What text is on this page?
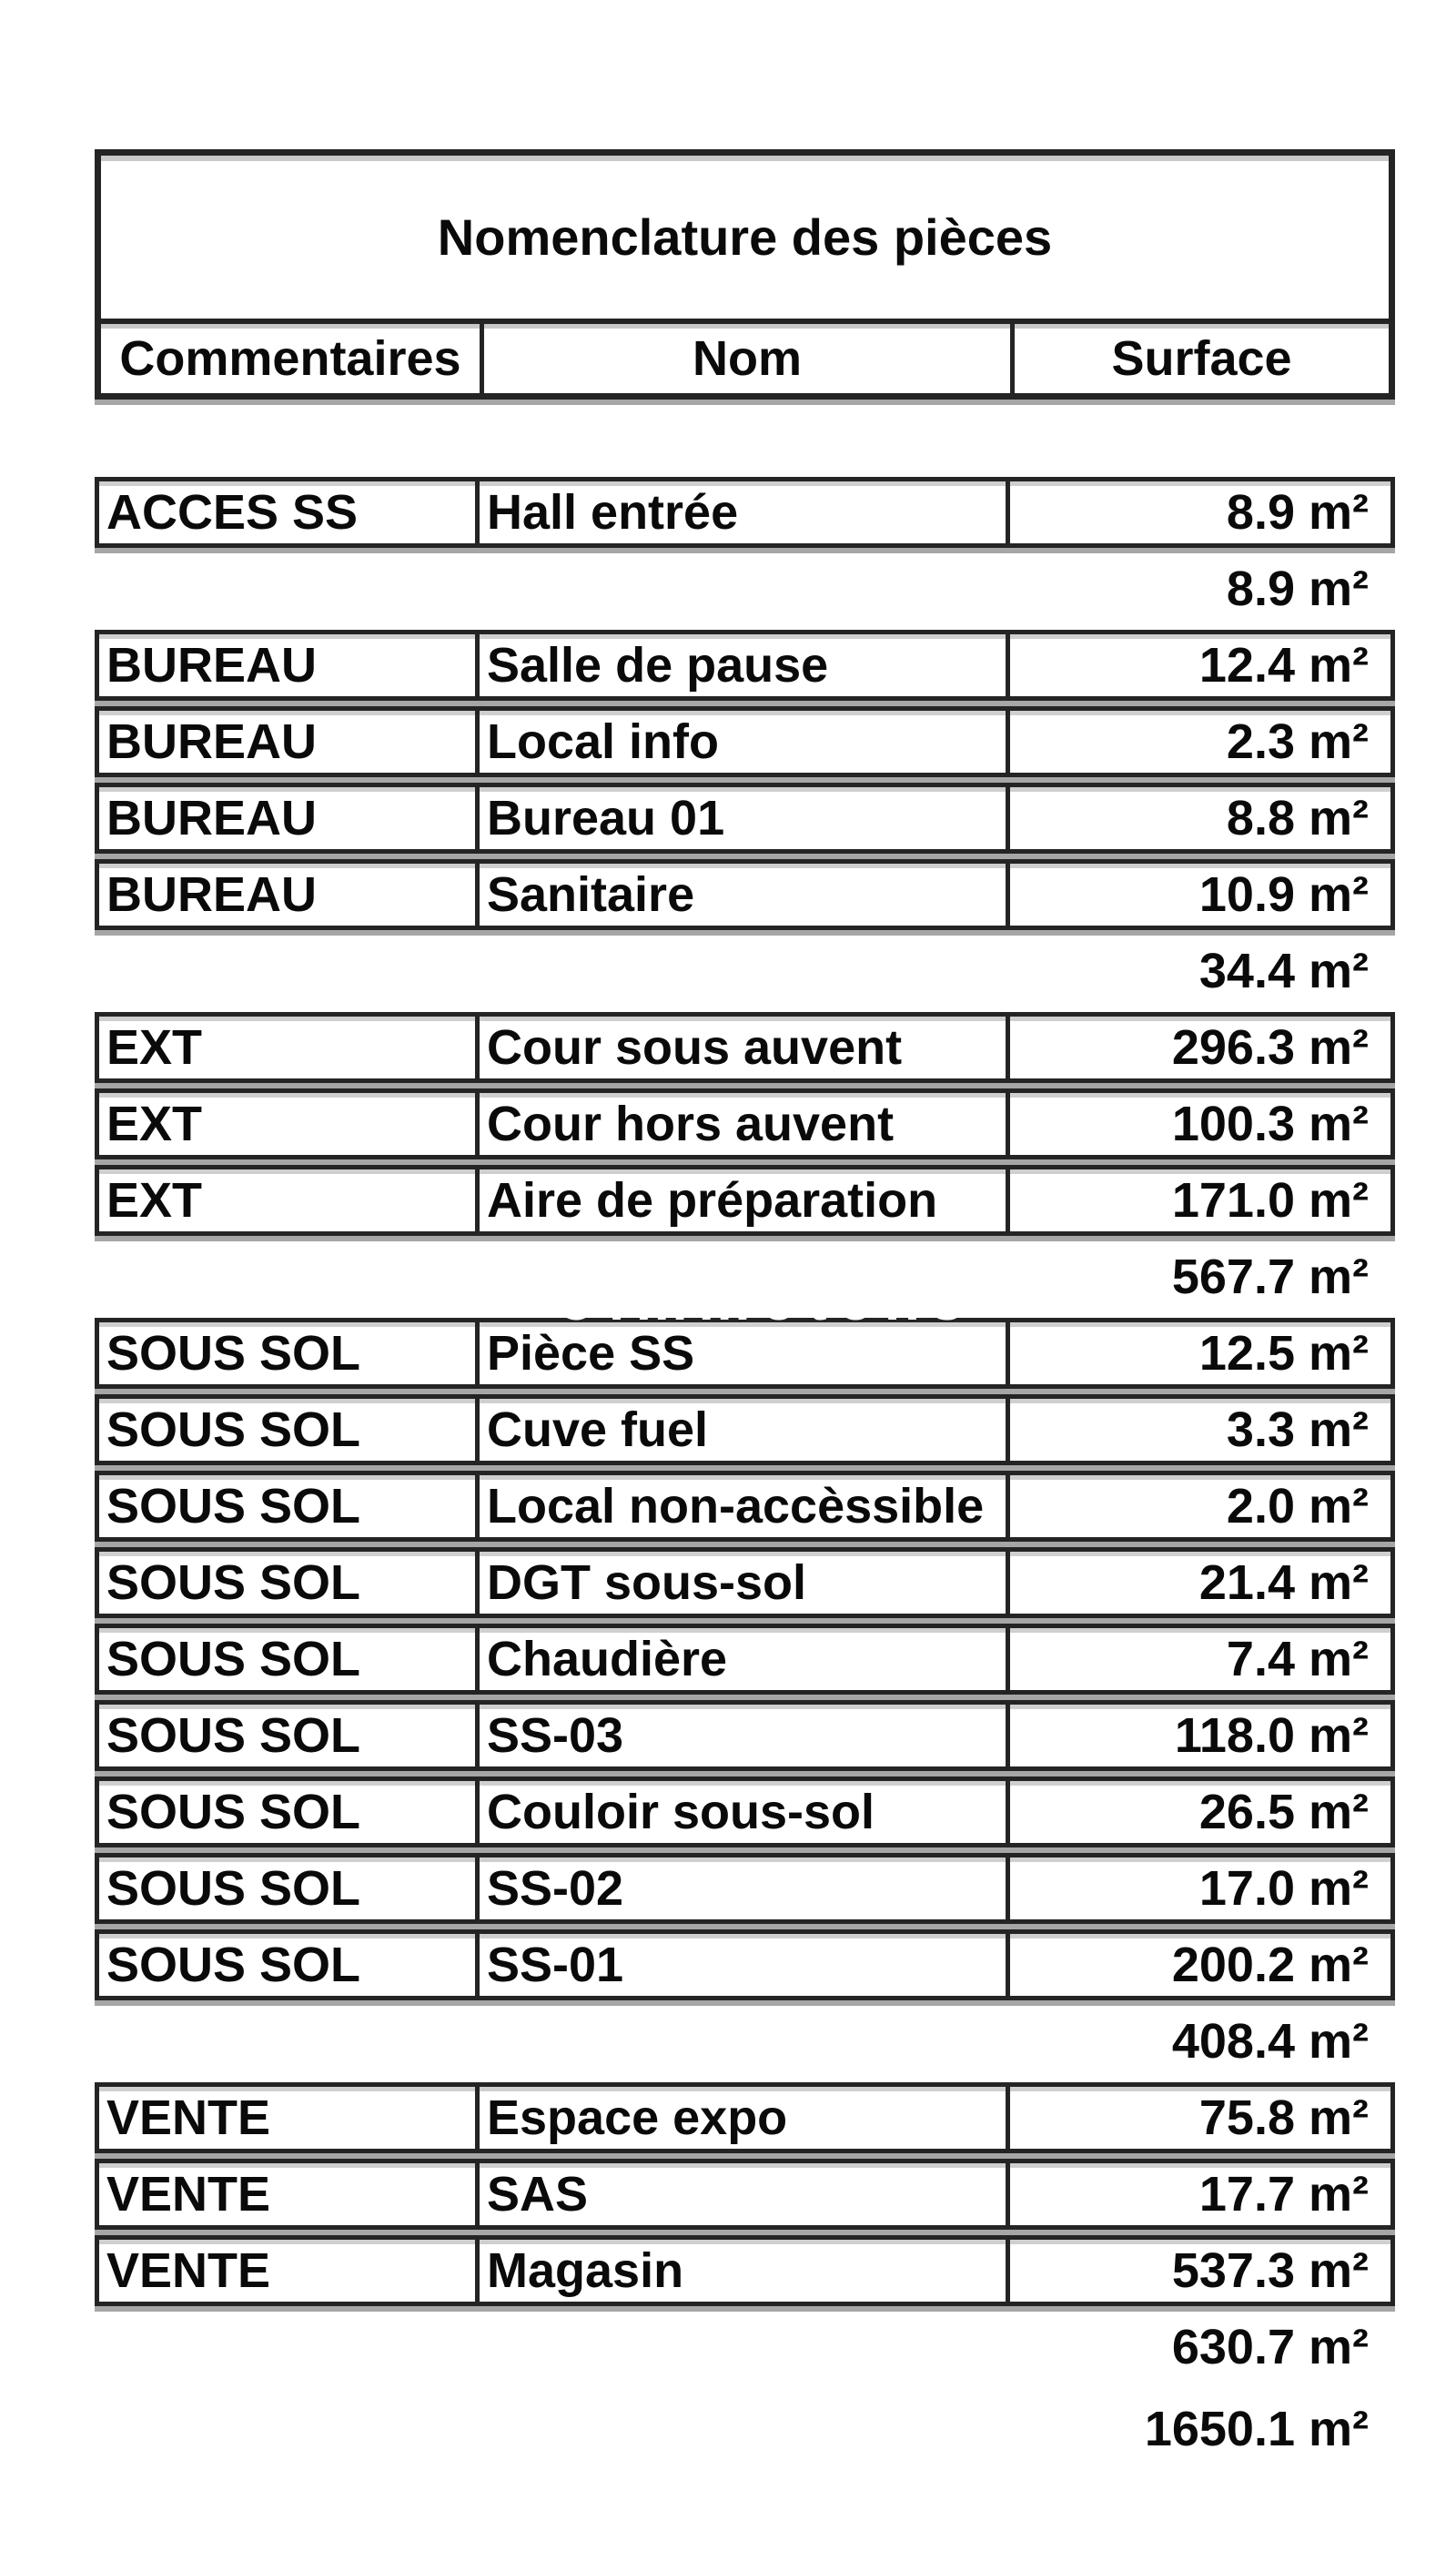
Nomenclature des pièces
Commentaires	Nom	Surface
ACCES SS	Hall entrée	8.9 m²
8.9 m²
BUREAU	Salle de pause	12.4 m²
BUREAU	Local info	2.3 m²
BUREAU	Bureau 01	8.8 m²
BUREAU	Sanitaire	10.9 m²
34.4 m²
EXT	Cour sous auvent	296.3 m²
EXT	Cour hors auvent	100.3 m²
EXT	Aire de préparation	171.0 m²
567.7 m²
SOUS SOL	Pièce SS	12.5 m²
SOUS SOL	Cuve fuel	3.3 m²
SOUS SOL	Local non-accèssible	2.0 m²
SOUS SOL	DGT sous-sol	21.4 m²
SOUS SOL	Chaudière	7.4 m²
SOUS SOL	SS-03	118.0 m²
SOUS SOL	Couloir sous-sol	26.5 m²
SOUS SOL	SS-02	17.0 m²
SOUS SOL	SS-01	200.2 m²
408.4 m²
VENTE	Espace expo	75.8 m²
VENTE	SAS	17.7 m²
VENTE	Magasin	537.3 m²
630.7 m²
1650.1 m²
©immotons
